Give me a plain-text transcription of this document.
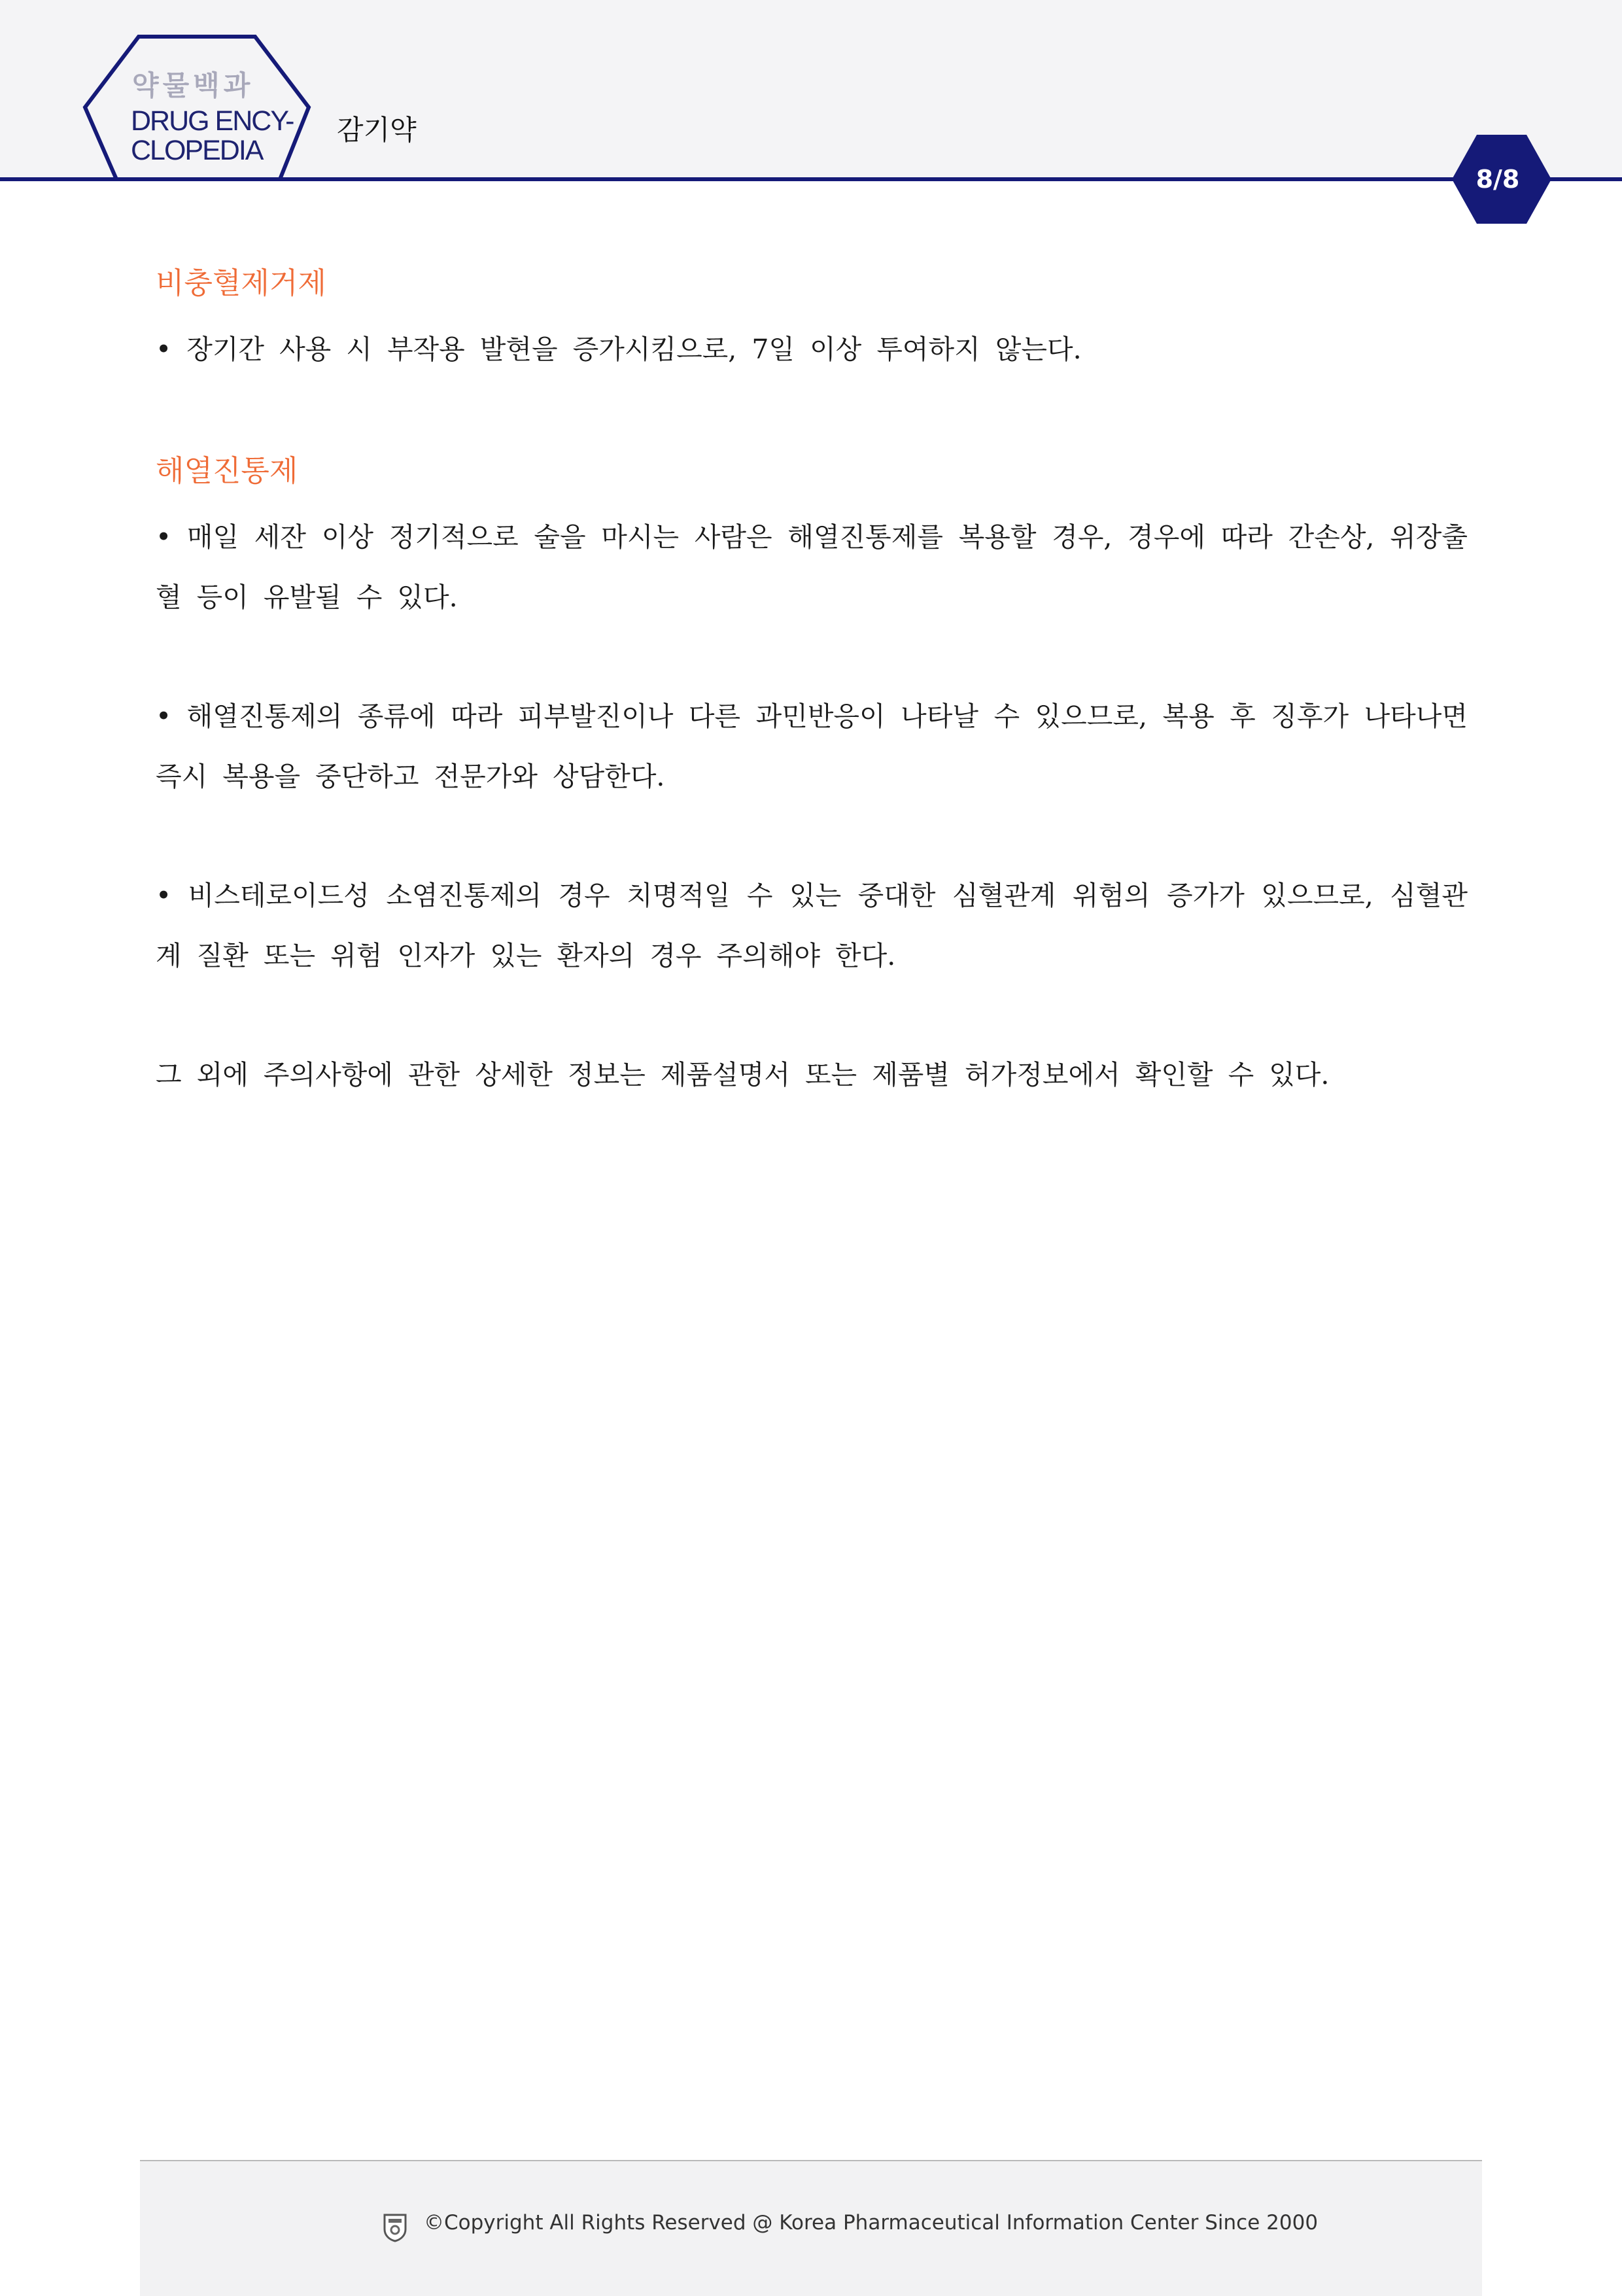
약물백과
DRUG ENCY-
CLOPEDIA
감기약
8/8
비충혈제거제
• 장기간 사용 시 부작용 발현을 증가시킴으로, 7일 이상 투여하지 않는다.
해열진통제
• 매일 세잔 이상 정기적으로 술을 마시는 사람은 해열진통제를 복용할 경우, 경우에 따라 간손상, 위장출혈 등이 유발될 수 있다.
• 해열진통제의 종류에 따라 피부발진이나 다른 과민반응이 나타날 수 있으므로, 복용 후 징후가 나타나면 즉시 복용을 중단하고 전문가와 상담한다.
• 비스테로이드성 소염진통제의 경우 치명적일 수 있는 중대한 심혈관계 위험의 증가가 있으므로, 심혈관계 질환 또는 위험 인자가 있는 환자의 경우 주의해야 한다.
그 외에 주의사항에 관한 상세한 정보는 제품설명서 또는 제품별 허가정보에서 확인할 수 있다.
©Copyright All Rights Reserved @ Korea Pharmaceutical Information Center Since 2000
